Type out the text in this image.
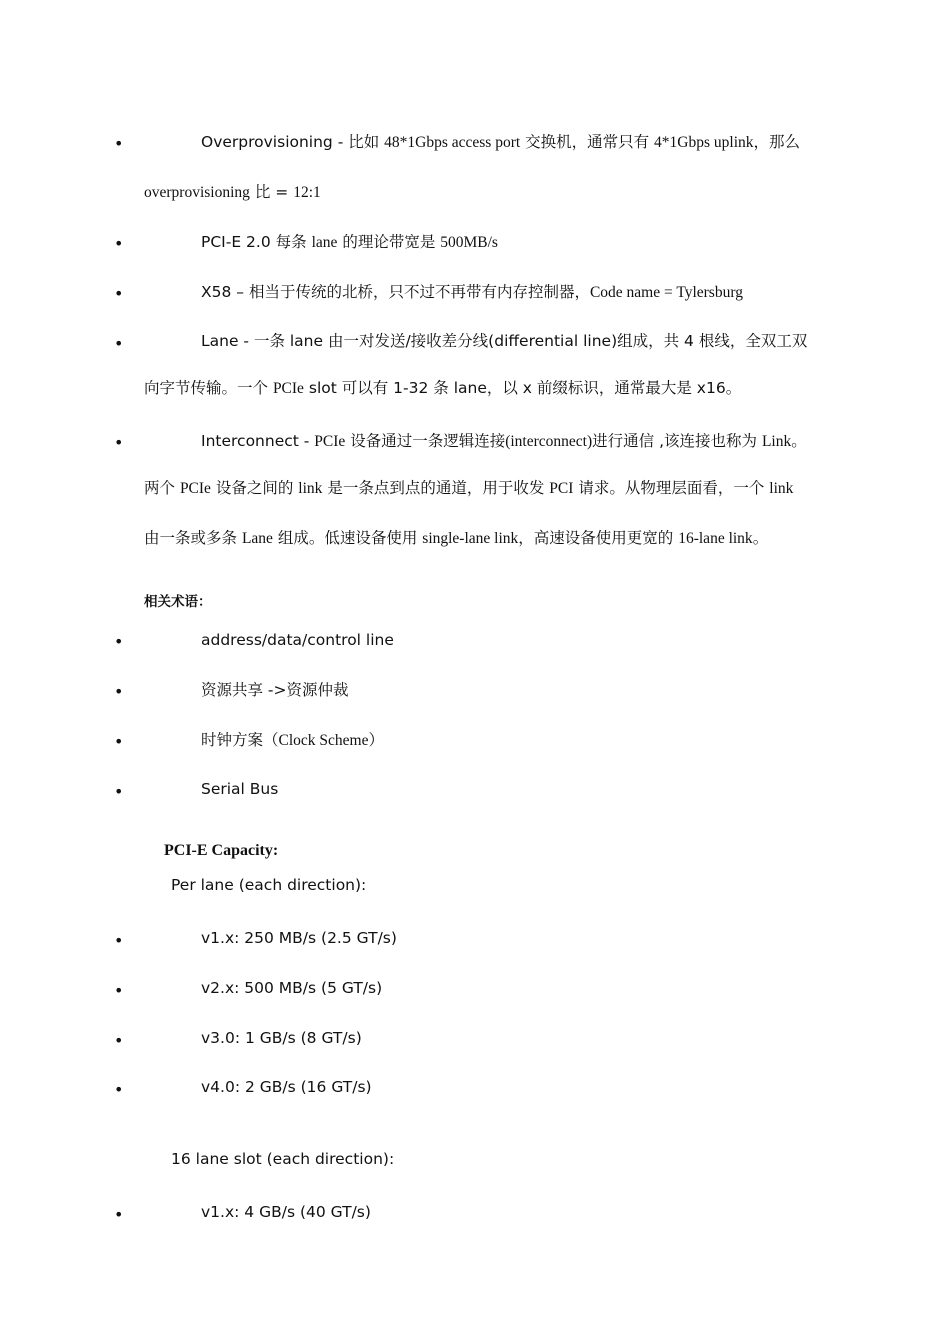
•	Overprovisioning - 比如 48*1Gbps access port 交换机，通常只有 4*1Gbps uplink，那么
overprovisioning 比 = 12:1
•	PCI-E 2.0 每条 lane 的理论带宽是 500MB/s
•	X58 – 相当于传统的北桥，只不过不再带有内存控制器，Code name = Tylersburg
•	Lane - 一条 lane 由一对发送/接收差分线(differential line)组成，共 4 根线，全双工双
向字节传输。一个 PCIe slot 可以有 1-32 条 lane，以 x 前缀标识，通常最大是 x16。
•	Interconnect - PCIe 设备通过一条逻辑连接(interconnect)进行通信 ,该连接也称为 Link。
两个 PCIe 设备之间的 link 是一条点到点的通道，用于收发 PCI 请求。从物理层面看，一个 link
由一条或多条 Lane 组成。低速设备使用 single-lane link，高速设备使用更宽的 16-lane link。
相关术语：
•	address/data/control line
•	资源共享 ->资源仲裁
•	时钟方案（Clock Scheme）
•	Serial Bus
PCI-E Capacity:
Per lane (each direction):
•	v1.x: 250 MB/s (2.5 GT/s)
•	v2.x: 500 MB/s (5 GT/s)
•	v3.0: 1 GB/s (8 GT/s)
•	v4.0: 2 GB/s (16 GT/s)
16 lane slot (each direction):
•	v1.x: 4 GB/s (40 GT/s)
